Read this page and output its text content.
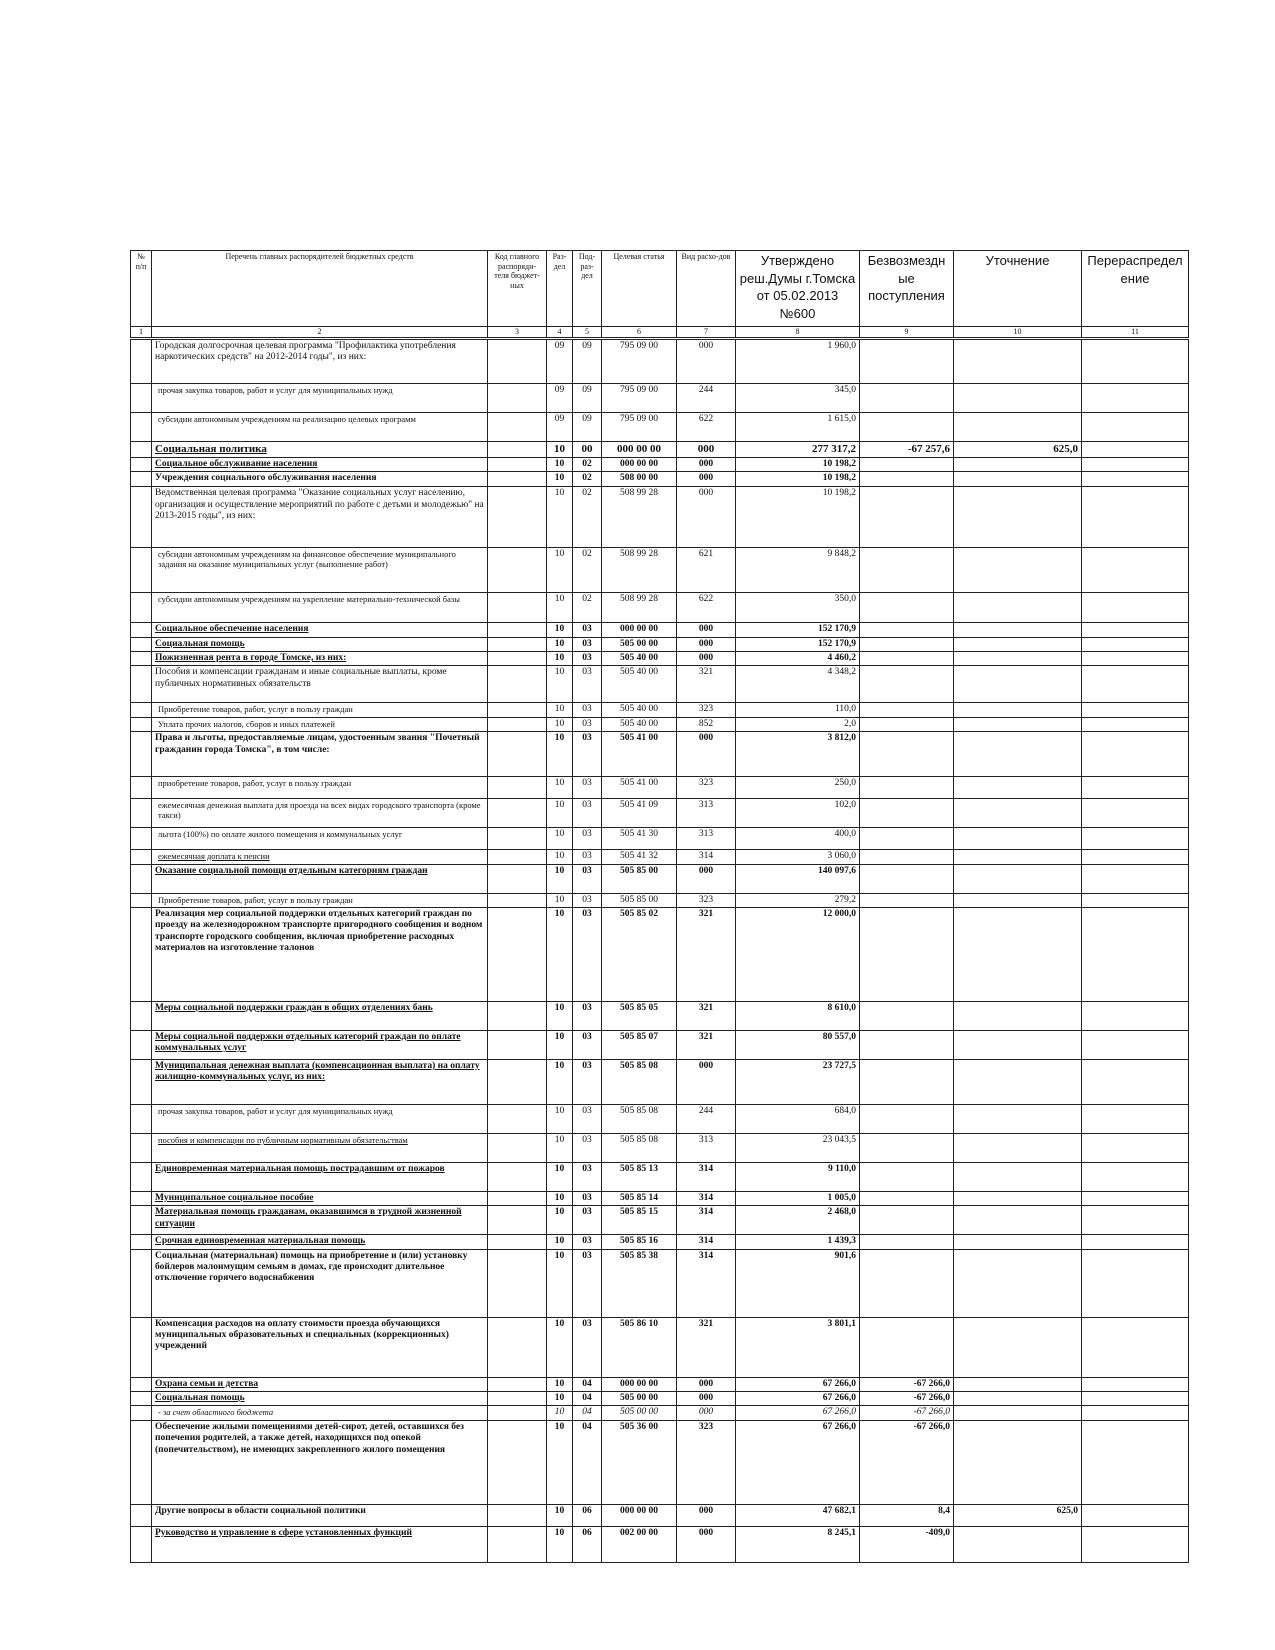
№ п/п	Перечень главных распорядителей бюджетных средств	Код главного распоряди-теля бюджет-ных	Раз-дел	Под-раз-дел	Целевая статья	Вид расхо-дов	Утверждено реш.Думы г.Томска от 05.02.2013 №600	Безвозмездн ые поступления	Уточнение	Перераспредел ение
1	2	3	4	5	6	7	8	9	10	11
	Городская долгосрочная целевая программа "Профилактика употребления наркотических средств" на 2012-2014 годы", из них:		09	09	795 09 00	000	1 960,0			
	прочая закупка товаров, работ и услуг для муниципальных нужд		09	09	795 09 00	244	345,0			
	субсидии автономным учреждениям на реализацию целевых программ		09	09	795 09 00	622	1 615,0			
	Социальная политика		10	00	000 00 00	000	277 317,2	-67 257,6	625,0	
	Социальное обслуживание населения		10	02	000 00 00	000	10 198,2			
	Учреждения социального обслуживания населения		10	02	508 00 00	000	10 198,2			
	Ведомственная целевая программа "Оказание социальных услуг населению, организация и осуществление мероприятий по работе с детьми и молодежью" на 2013-2015 годы", из них:		10	02	508 99 28	000	10 198,2			
	субсидии автономным учреждениям на финансовое обеспечение муниципального задания на оказание муниципальных услуг (выполнение работ)		10	02	508 99 28	621	9 848,2			
	субсидии автономным учреждениям на укрепление материально-технической базы		10	02	508 99 28	622	350,0			
	Социальное обеспечение населения		10	03	000 00 00	000	152 170,9			
	Социальная помощь		10	03	505 00 00	000	152 170,9			
	Пожизненная рента в городе Томске, из них:		10	03	505 40 00	000	4 460,2			
	Пособия и компенсации гражданам и иные социальные выплаты, кроме публичных нормативных обязательств		10	03	505 40 00	321	4 348,2			
	Приобретение товаров, работ, услуг в пользу граждан		10	03	505 40 00	323	110,0			
	Уплата прочих налогов, сборов и иных платежей		10	03	505 40 00	852	2,0			
	Права и льготы, предоставляемые лицам, удостоенным звания "Почетный гражданин города Томска", в том числе:		10	03	505 41 00	000	3 812,0			
	приобретение товаров, работ, услуг в пользу граждан		10	03	505 41 00	323	250,0			
	ежемесячная денежная выплата для проезда на всех видах городского транспорта (кроме такси)		10	03	505 41 09	313	102,0			
	льгота (100%) по оплате жилого помещения и коммунальных услуг		10	03	505 41 30	313	400,0			
	ежемесячная доплата к пенсии		10	03	505 41 32	314	3 060,0			
	Оказание социальной помощи отдельным категориям граждан		10	03	505 85 00	000	140 097,6			
	Приобретение товаров, работ, услуг в пользу граждан		10	03	505 85 00	323	279,2			
	Реализация мер социальной поддержки отдельных категорий граждан по проезду на железнодорожном транспорте пригородного сообщения и водном транспорте городского сообщения, включая приобретение расходных материалов на изготовление талонов		10	03	505 85 02	321	12 000,0			
	Меры социальной поддержки граждан в общих отделениях бань		10	03	505 85 05	321	8 610,0			
	Меры социальной поддержки отдельных категорий граждан по оплате коммунальных услуг		10	03	505 85 07	321	80 557,0			
	Муниципальная денежная выплата (компенсационная выплата) на оплату жилищно-коммунальных услуг, из них:		10	03	505 85 08	000	23 727,5			
	прочая закупка товаров, работ и услуг для муниципальных нужд		10	03	505 85 08	244	684,0			
	пособия и компенсации по публичным нормативным обязательствам		10	03	505 85 08	313	23 043,5			
	Единовременная материальная помощь пострадавшим от пожаров		10	03	505 85 13	314	9 110,0			
	Муниципальное социальное пособие		10	03	505 85 14	314	1 005,0			
	Материальная помощь гражданам, оказавшимся в трудной жизненной ситуации		10	03	505 85 15	314	2 468,0			
	Срочная единовременная материальная помощь		10	03	505 85 16	314	1 439,3			
	Социальная (материальная) помощь на приобретение и (или) установку бойлеров малоимущим семьям в домах, где происходит длительное отключение горячего водоснабжения		10	03	505 85 38	314	901,6			
	Компенсация расходов на оплату стоимости проезда обучающихся муниципальных образовательных и специальных (коррекционных) учреждений		10	03	505 86 10	321	3 801,1			
	Охрана семьи и детства		10	04	000 00 00	000	67 266,0	-67 266,0		
	Социальная помощь		10	04	505 00 00	000	67 266,0	-67 266,0		
	- за счет областного бюджета		10	04	505 00 00	000	67 266,0	-67 266,0		
	Обеспечение жилыми помещениями детей-сирот, детей, оставшихся без попечения родителей, а также детей, находящихся под опекой (попечительством), не имеющих закрепленного жилого помещения		10	04	505 36 00	323	67 266,0	-67 266,0		
	Другие вопросы в области социальной политики		10	06	000 00 00	000	47 682,1	8,4	625,0	
	Руководство и управление в сфере установленных функций		10	06	002 00 00	000	8 245,1	-409,0		
